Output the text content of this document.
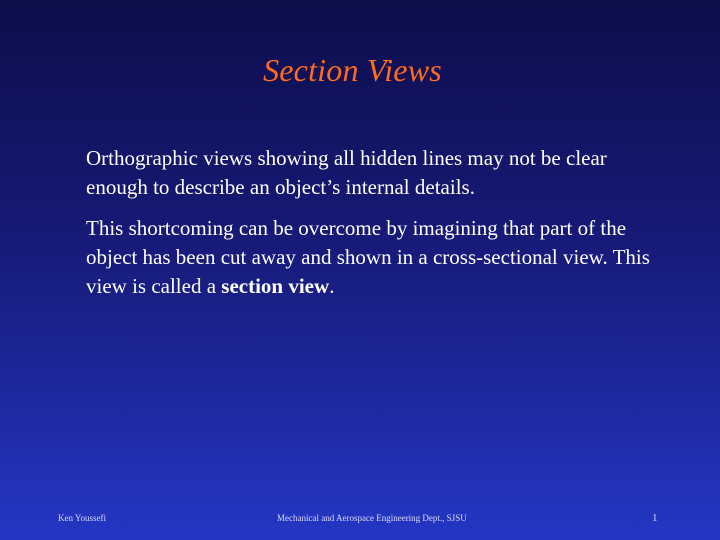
Section Views

Orthographic views showing all hidden lines may not be clear enough to describe an object’s internal details.

This shortcoming can be overcome by imagining that part of the object has been cut away and shown in a cross-sectional view. This view is called a section view.

Ken Youssefi	Mechanical and Aerospace Engineering Dept., SJSU	1
